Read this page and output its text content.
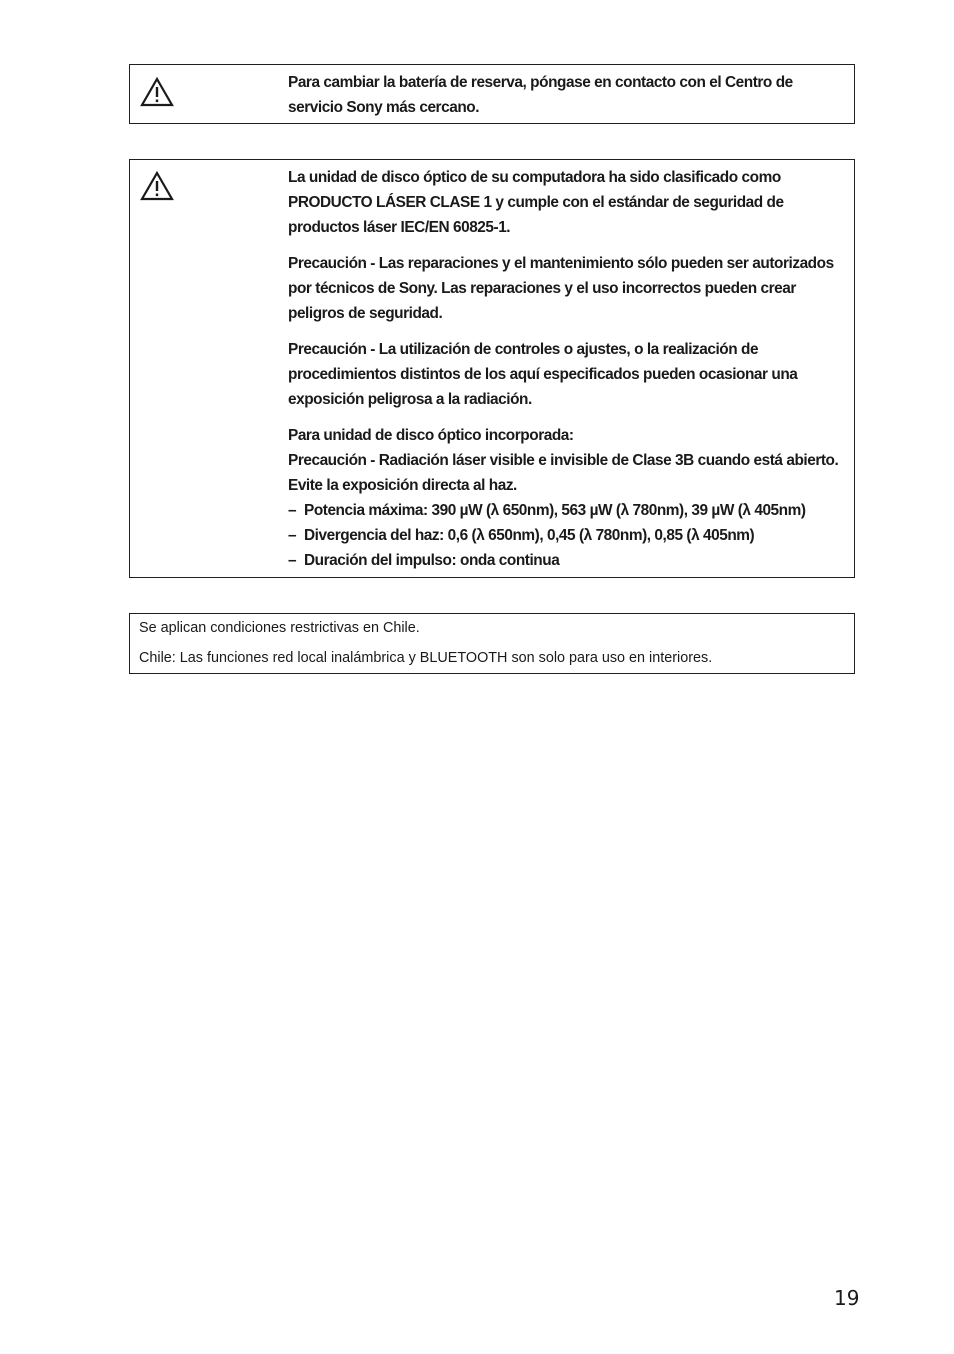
Para cambiar la batería de reserva, póngase en contacto con el Centro de servicio Sony más cercano.

La unidad de disco óptico de su computadora ha sido clasificado como PRODUCTO LÁSER CLASE 1 y cumple con el estándar de seguridad de productos láser IEC/EN 60825-1.

Precaución - Las reparaciones y el mantenimiento sólo pueden ser autorizados por técnicos de Sony. Las reparaciones y el uso incorrectos pueden crear peligros de seguridad.

Precaución - La utilización de controles o ajustes, o la realización de procedimientos distintos de los aquí especificados pueden ocasionar una exposición peligrosa a la radiación.

Para unidad de disco óptico incorporada:
Precaución - Radiación láser visible e invisible de Clase 3B cuando está abierto. Evite la exposición directa al haz.
– Potencia máxima: 390 µW (λ 650nm), 563 µW (λ 780nm), 39 µW (λ 405nm)
– Divergencia del haz: 0,6 (λ 650nm), 0,45 (λ 780nm), 0,85 (λ 405nm)
– Duración del impulso: onda continua

Se aplican condiciones restrictivas en Chile.
Chile: Las funciones red local inalámbrica y BLUETOOTH son solo para uso en interiores.
19
